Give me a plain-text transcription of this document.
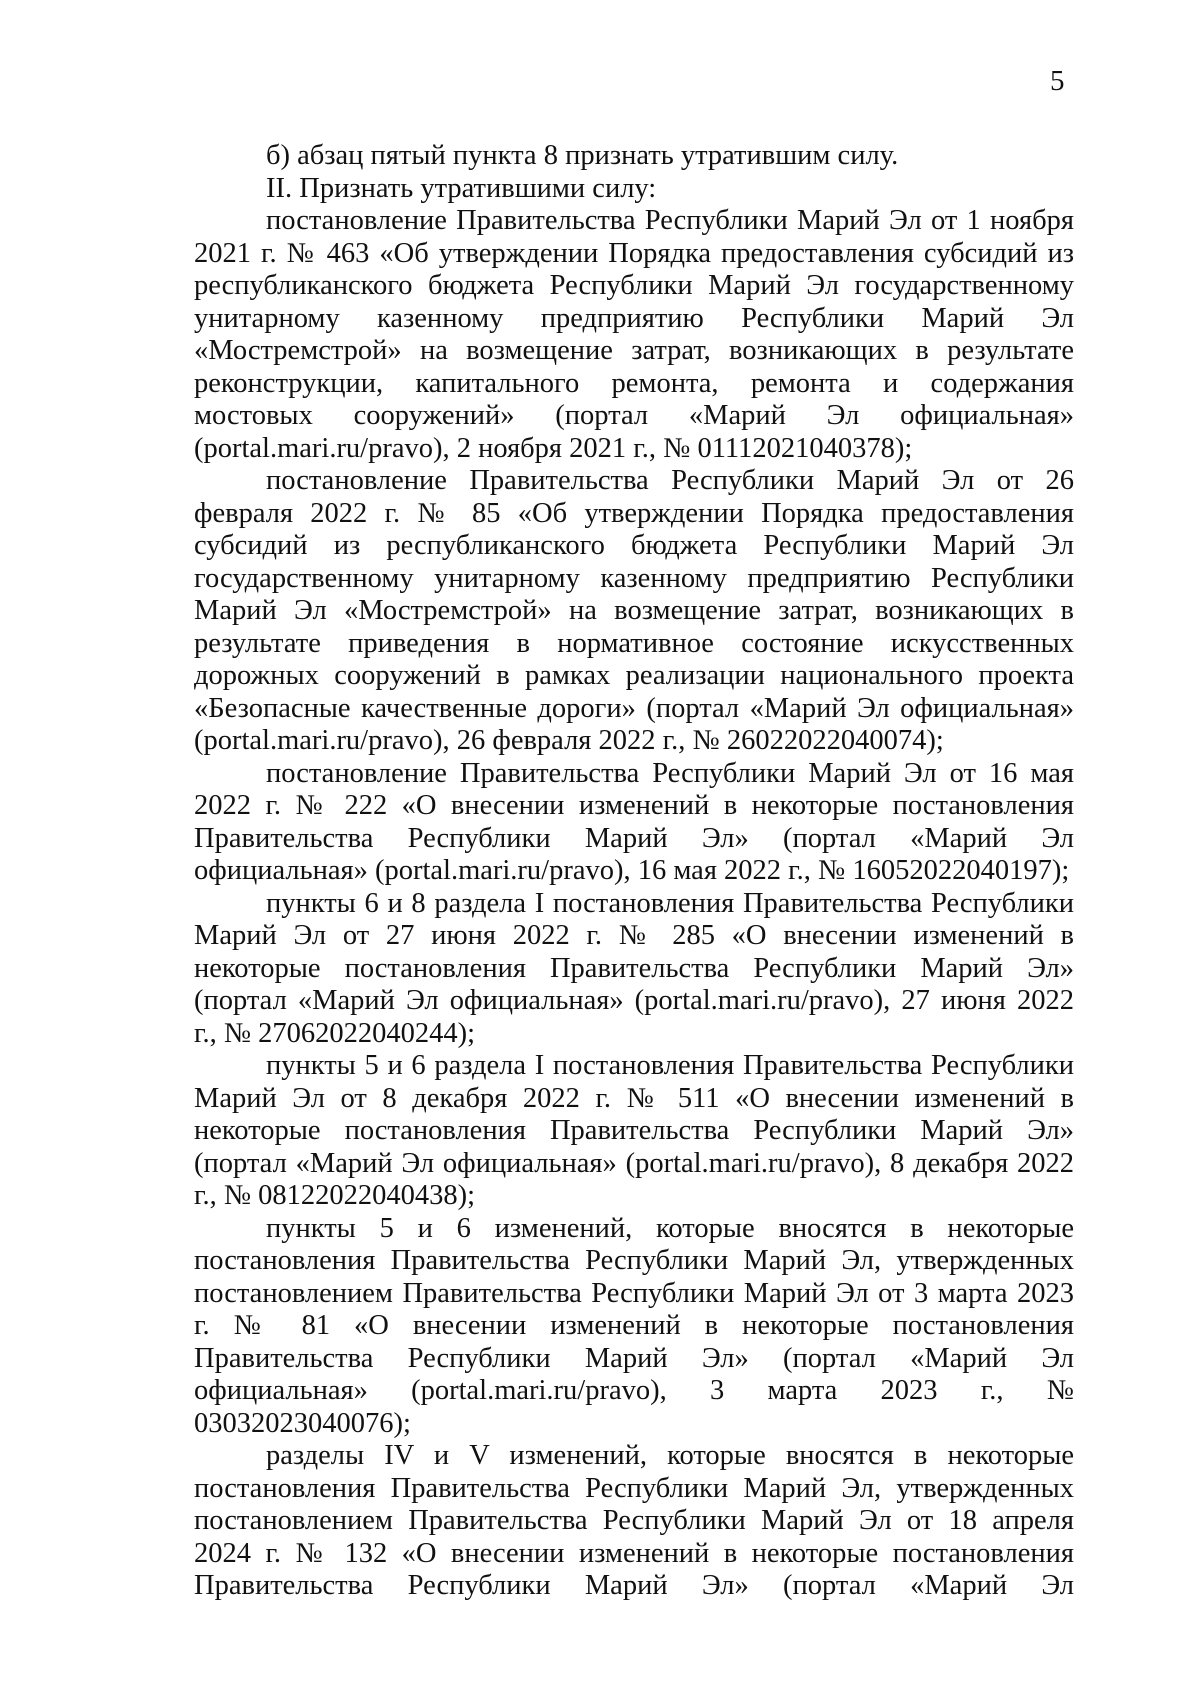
5

б) абзац пятый пункта 8 признать утратившим силу.

II. Признать утратившими силу:

постановление Правительства Республики Марий Эл от 1 ноября 2021 г. № 463 «Об утверждении Порядка предоставления субсидий из республиканского бюджета Республики Марий Эл государственному унитарному казенному предприятию Республики Марий Эл «Мостремстрой» на возмещение затрат, возникающих в результате реконструкции, капитального ремонта, ремонта и содержания мостовых сооружений» (портал «Марий Эл официальная» (portal.mari.ru/pravo), 2 ноября 2021 г., № 01112021040378);

постановление Правительства Республики Марий Эл от 26 февраля 2022 г. № 85 «Об утверждении Порядка предоставления субсидий из республиканского бюджета Республики Марий Эл государственному унитарному казенному предприятию Республики Марий Эл «Мостремстрой» на возмещение затрат, возникающих в результате приведения в нормативное состояние искусственных дорожных сооружений в рамках реализации национального проекта «Безопасные качественные дороги» (портал «Марий Эл официальная» (portal.mari.ru/pravo), 26 февраля 2022 г., № 26022022040074);

постановление Правительства Республики Марий Эл от 16 мая 2022 г. № 222 «О внесении изменений в некоторые постановления Правительства Республики Марий Эл» (портал «Марий Эл официальная» (portal.mari.ru/pravo), 16 мая 2022 г., № 16052022040197);

пункты 6 и 8 раздела I постановления Правительства Республики Марий Эл от 27 июня 2022 г. № 285 «О внесении изменений в некоторые постановления Правительства Республики Марий Эл» (портал «Марий Эл официальная» (portal.mari.ru/pravo), 27 июня 2022 г., № 27062022040244);

пункты 5 и 6 раздела I постановления Правительства Республики Марий Эл от 8 декабря 2022 г. № 511 «О внесении изменений в некоторые постановления Правительства Республики Марий Эл» (портал «Марий Эл официальная» (portal.mari.ru/pravo), 8 декабря 2022 г., № 08122022040438);

пункты 5 и 6 изменений, которые вносятся в некоторые постановления Правительства Республики Марий Эл, утвержденных постановлением Правительства Республики Марий Эл от 3 марта 2023 г. № 81 «О внесении изменений в некоторые постановления Правительства Республики Марий Эл» (портал «Марий Эл официальная» (portal.mari.ru/pravo), 3 марта 2023 г., № 03032023040076);

разделы IV и V изменений, которые вносятся в некоторые постановления Правительства Республики Марий Эл, утвержденных постановлением Правительства Республики Марий Эл от 18 апреля 2024 г. № 132 «О внесении изменений в некоторые постановления Правительства Республики Марий Эл» (портал «Марий Эл
